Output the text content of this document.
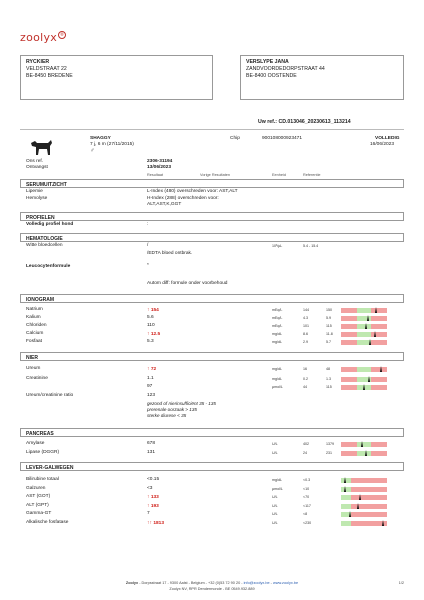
zoolyx ®
RYCKIER
VELDSTRAAT 22
BE-8450 BREDENE
VERSLYPE JANA
ZANDVOORDEDORPSTRAAT 44
BE-8400 OOSTENDE
Uw ref.: CD.013046_20230613_113214
SHAGGY
7 j, 6 m (27/11/2015)
♂
Chip	900108000923471	VOLLEDIG
16/06/2023
Ons ref.	2306-31194
Ontvangst	13/06/2023
Resultaat	Vorige Resultaten	Eenheid	Referentie
SERUMUITZICHT
Lipemie	L-Index (480) overschreden voor: AST,ALT
Hemolyse	H-Index (288) overschreden voor:
ALT,AST,K,GGT
PROFIELEN
Volledig profiel hond	:
HEMATOLOGIE
Witte bloedcellen	/	10³/µL	5.4 - 15.4
/EDTA bloed ontbrak.
Leucocytenformule	*
Autom diff: formule onder voorbehoud
IONOGRAM
Natrium	↑ 154	mEq/L	144	150
Kalium	5.6	mEq/L	4.3	5.9
Chloriden	110	mEq/L	101	115
Calcium	↑ 12.5	mg/dL	8.6	11.8
Fosfaat	5.3	mg/dL	2.9	5.7
NIER
Ureum	↑ 72	mg/dL	16	48
Creatinine	1.1	mg/dL	0.2	1.3
97	µmol/L	44	115
Ureum/creatinine ratio	123
gezond of nierinsufficiënt 35 - 135
prerenale oorzaak > 135
sterke diurese < 35
PANCREAS
Amylase	678	U/L	402	1379
Lipase (DGGR)	131	U/L	24	231
LEVER-GALWEGEN
Bilirubine totaal	<0.15	mg/dL	<0.3
Galzuren	<3	µmol/L	<10
AST (GOT)	↑ 133	U/L	<70
ALT (GPT)	↑ 193	U/L	<117
Gamma-GT	7	U/L	<8
Alkalische fosfatase	↑↑ 1813	U/L	<230
Zoolyx - Dorpsstraat 17 - 9300 Aalst - Belgium - +32 (0)53 72 90 20 - info@zoolyx.be - www.zoolyx.be
Zoolyx NV, RPR Dendermonde - BE 0549.932.889
1/2
